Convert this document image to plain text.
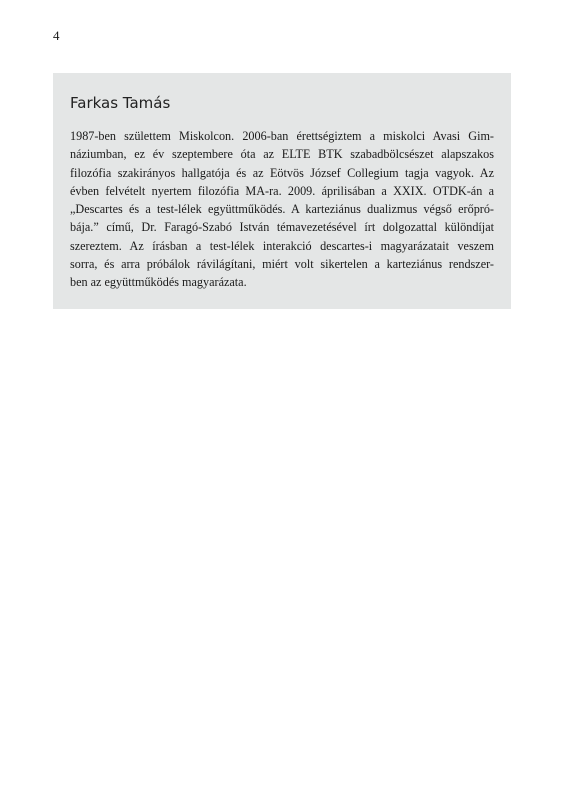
4
Farkas Tamás
1987-ben születtem Miskolcon. 2006-ban érettségiztem a miskolci Avasi Gim-
náziumban, ez év szeptembere óta az ELTE BTK szabadbölcsészet alapszakos
filozófia szakirányos hallgatója és az Eötvös József Collegium tagja vagyok. Az
évben felvételt nyertem filozófia MA-ra. 2009. áprilisában a XXIX. OTDK-án a
„Descartes és a test-lélek együttműködés. A karteziánus dualizmus végső erőpró-
bája.” című, Dr. Faragó-Szabó István témavezetésével írt dolgozattal különdíjat
szereztem. Az írásban a test-lélek interakció descartes-i magyarázatait veszem
sorra, és arra próbálok rávilágítani, miért volt sikertelen a karteziánus rendszer-
ben az együttműködés magyarázata.
